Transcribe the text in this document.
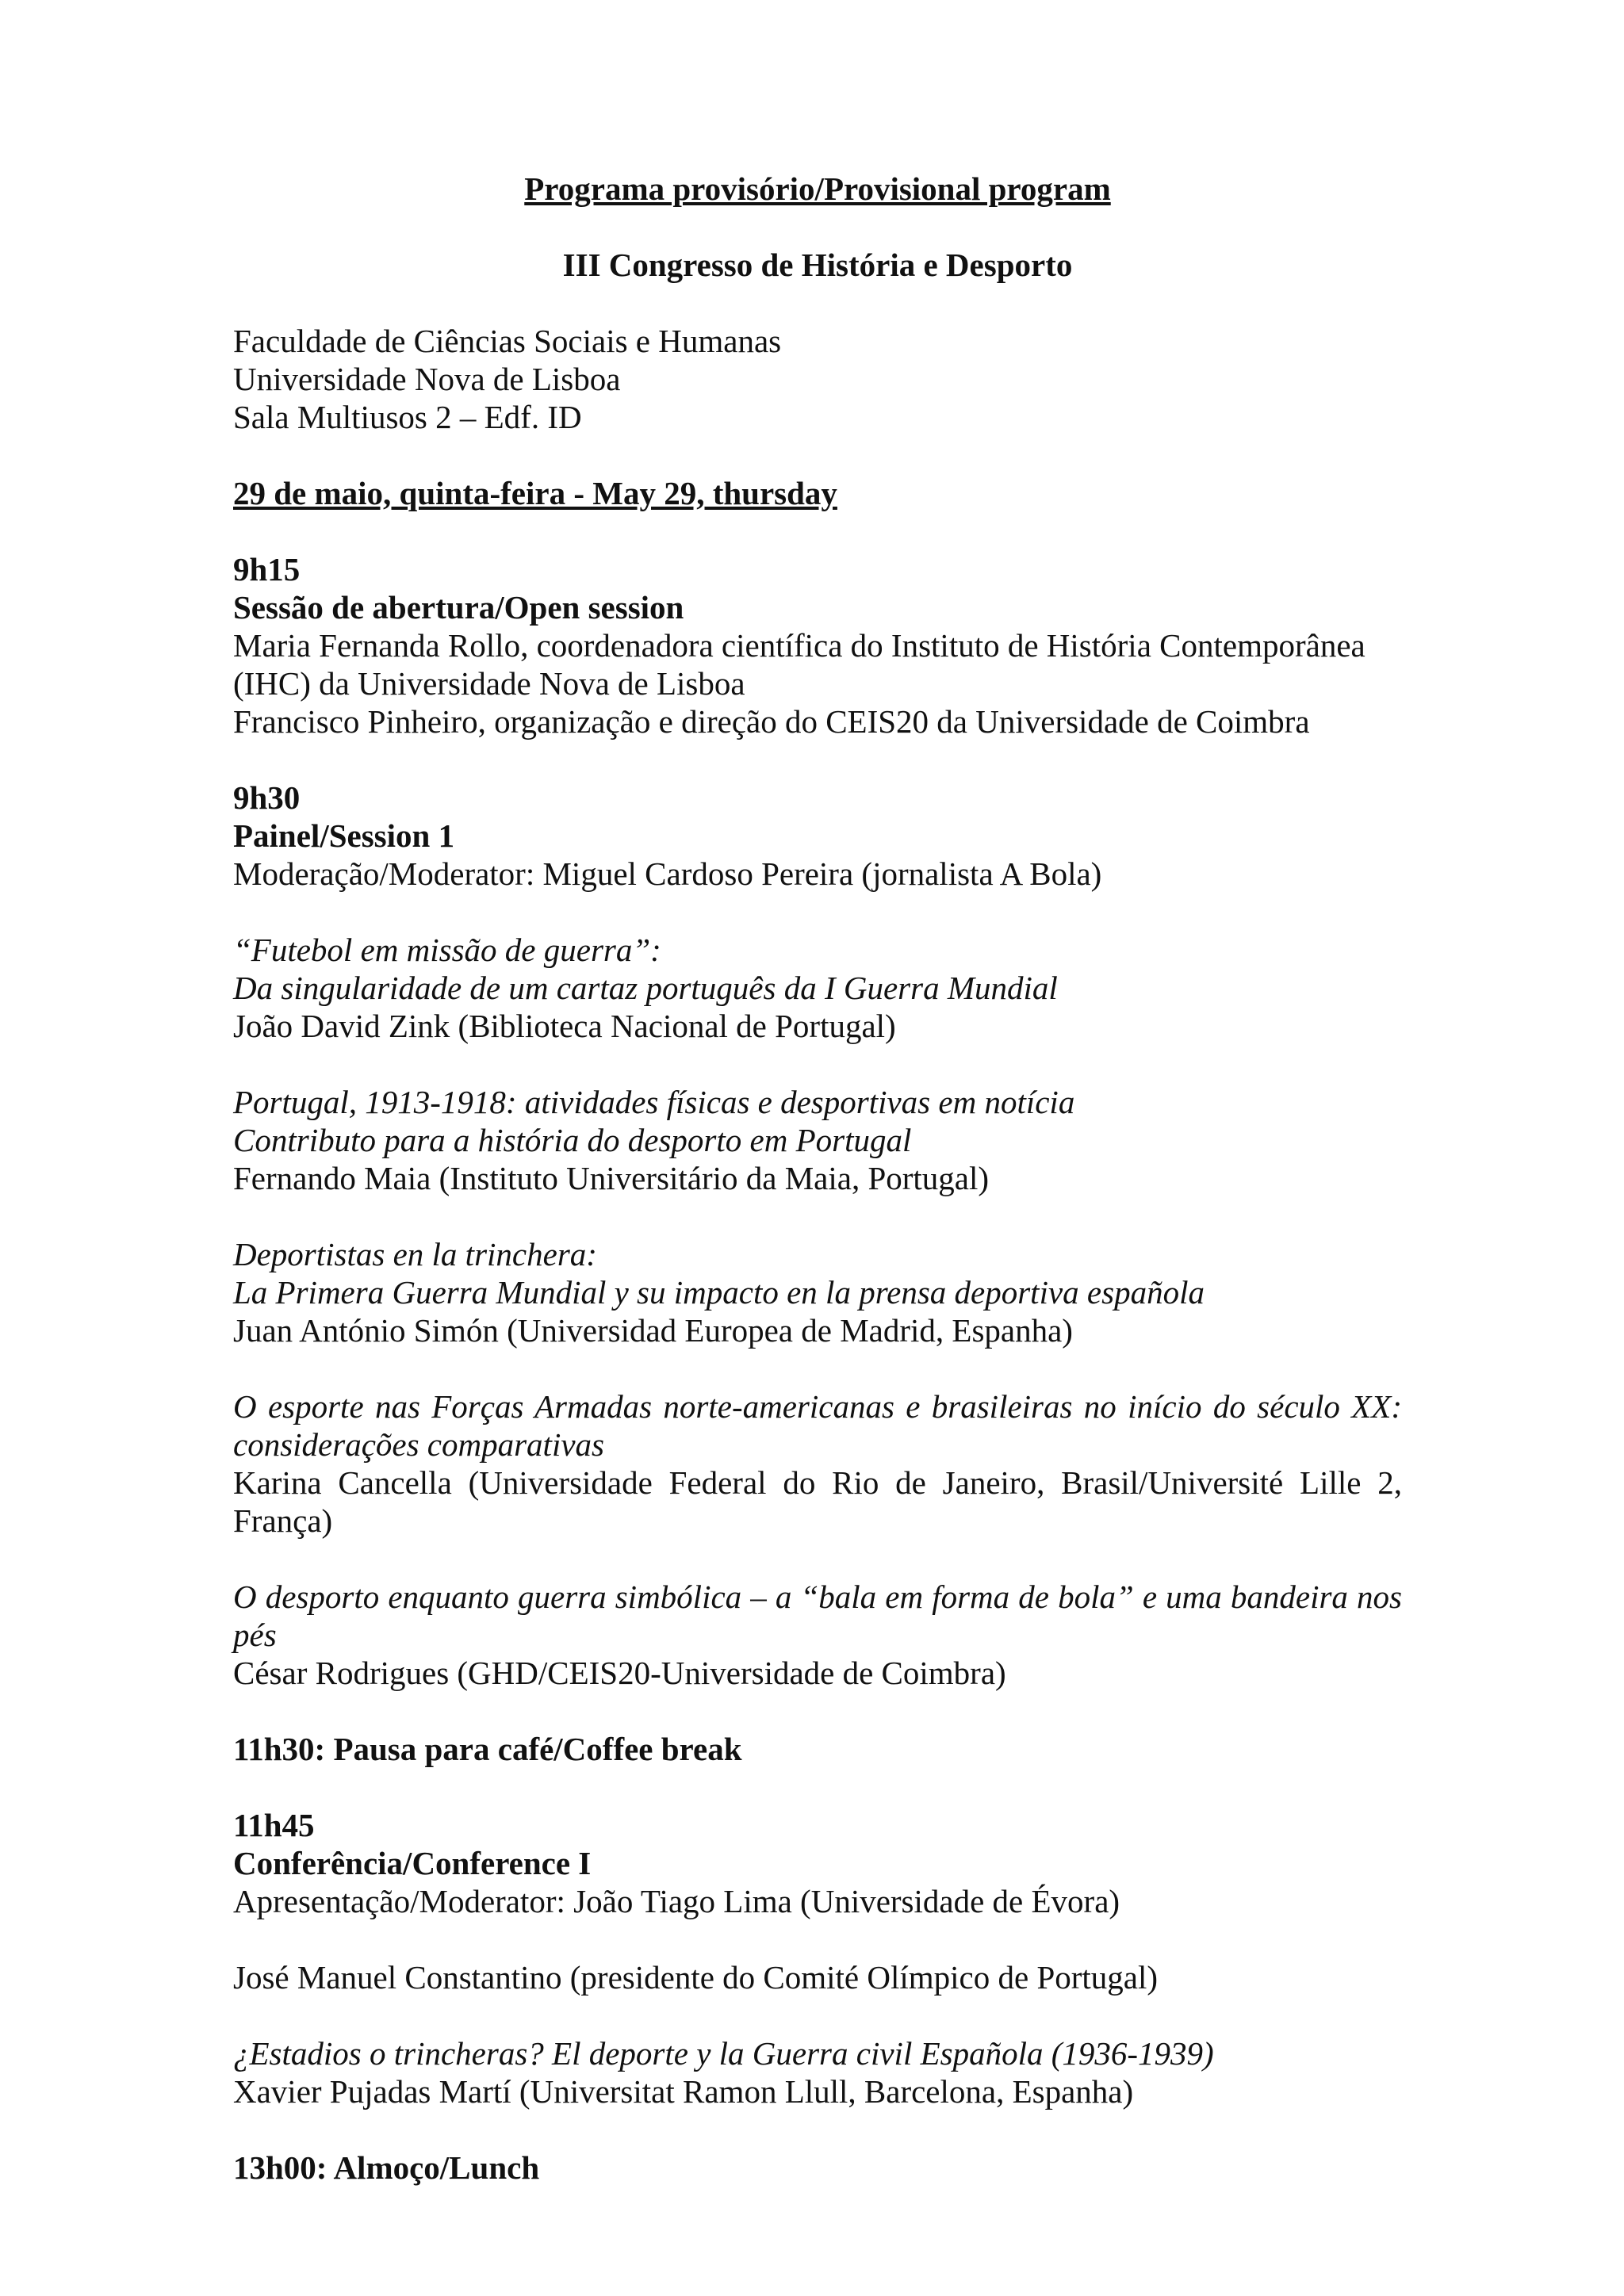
Programa provisório/Provisional program

III Congresso de História e Desporto

Faculdade de Ciências Sociais e Humanas
Universidade Nova de Lisboa
Sala Multiusos 2 – Edf. ID

29 de maio, quinta-feira - May 29, thursday

9h15

Sessão de abertura/Open session

Maria Fernanda Rollo, coordenadora científica do Instituto de História Contemporânea (IHC) da Universidade Nova de Lisboa

Francisco Pinheiro, organização e direção do CEIS20 da Universidade de Coimbra

9h30

Painel/Session 1

Moderação/Moderator: Miguel Cardoso Pereira (jornalista A Bola)

“Futebol em missão de guerra”:

Da singularidade de um cartaz português da I Guerra Mundial

João David Zink (Biblioteca Nacional de Portugal)

Portugal, 1913-1918: atividades físicas e desportivas em notícia

Contributo para a história do desporto em Portugal

Fernando Maia (Instituto Universitário da Maia, Portugal)

Deportistas en la trinchera:

La Primera Guerra Mundial y su impacto en la prensa deportiva española

Juan António Simón (Universidad Europea de Madrid, Espanha)

O esporte nas Forças Armadas norte-americanas e brasileiras no início do século XX: considerações comparativas

Karina Cancella (Universidade Federal do Rio de Janeiro, Brasil/Université Lille 2, França)

O desporto enquanto guerra simbólica – a “bala em forma de bola” e uma bandeira nos pés

César Rodrigues (GHD/CEIS20-Universidade de Coimbra)

11h30: Pausa para café/Coffee break

11h45

Conferência/Conference I

Apresentação/Moderator: João Tiago Lima (Universidade de Évora)

José Manuel Constantino (presidente do Comité Olímpico de Portugal)

¿Estadios o trincheras? El deporte y la Guerra civil Española (1936-1939)

Xavier Pujadas Martí (Universitat Ramon Llull, Barcelona, Espanha)

13h00: Almoço/Lunch
